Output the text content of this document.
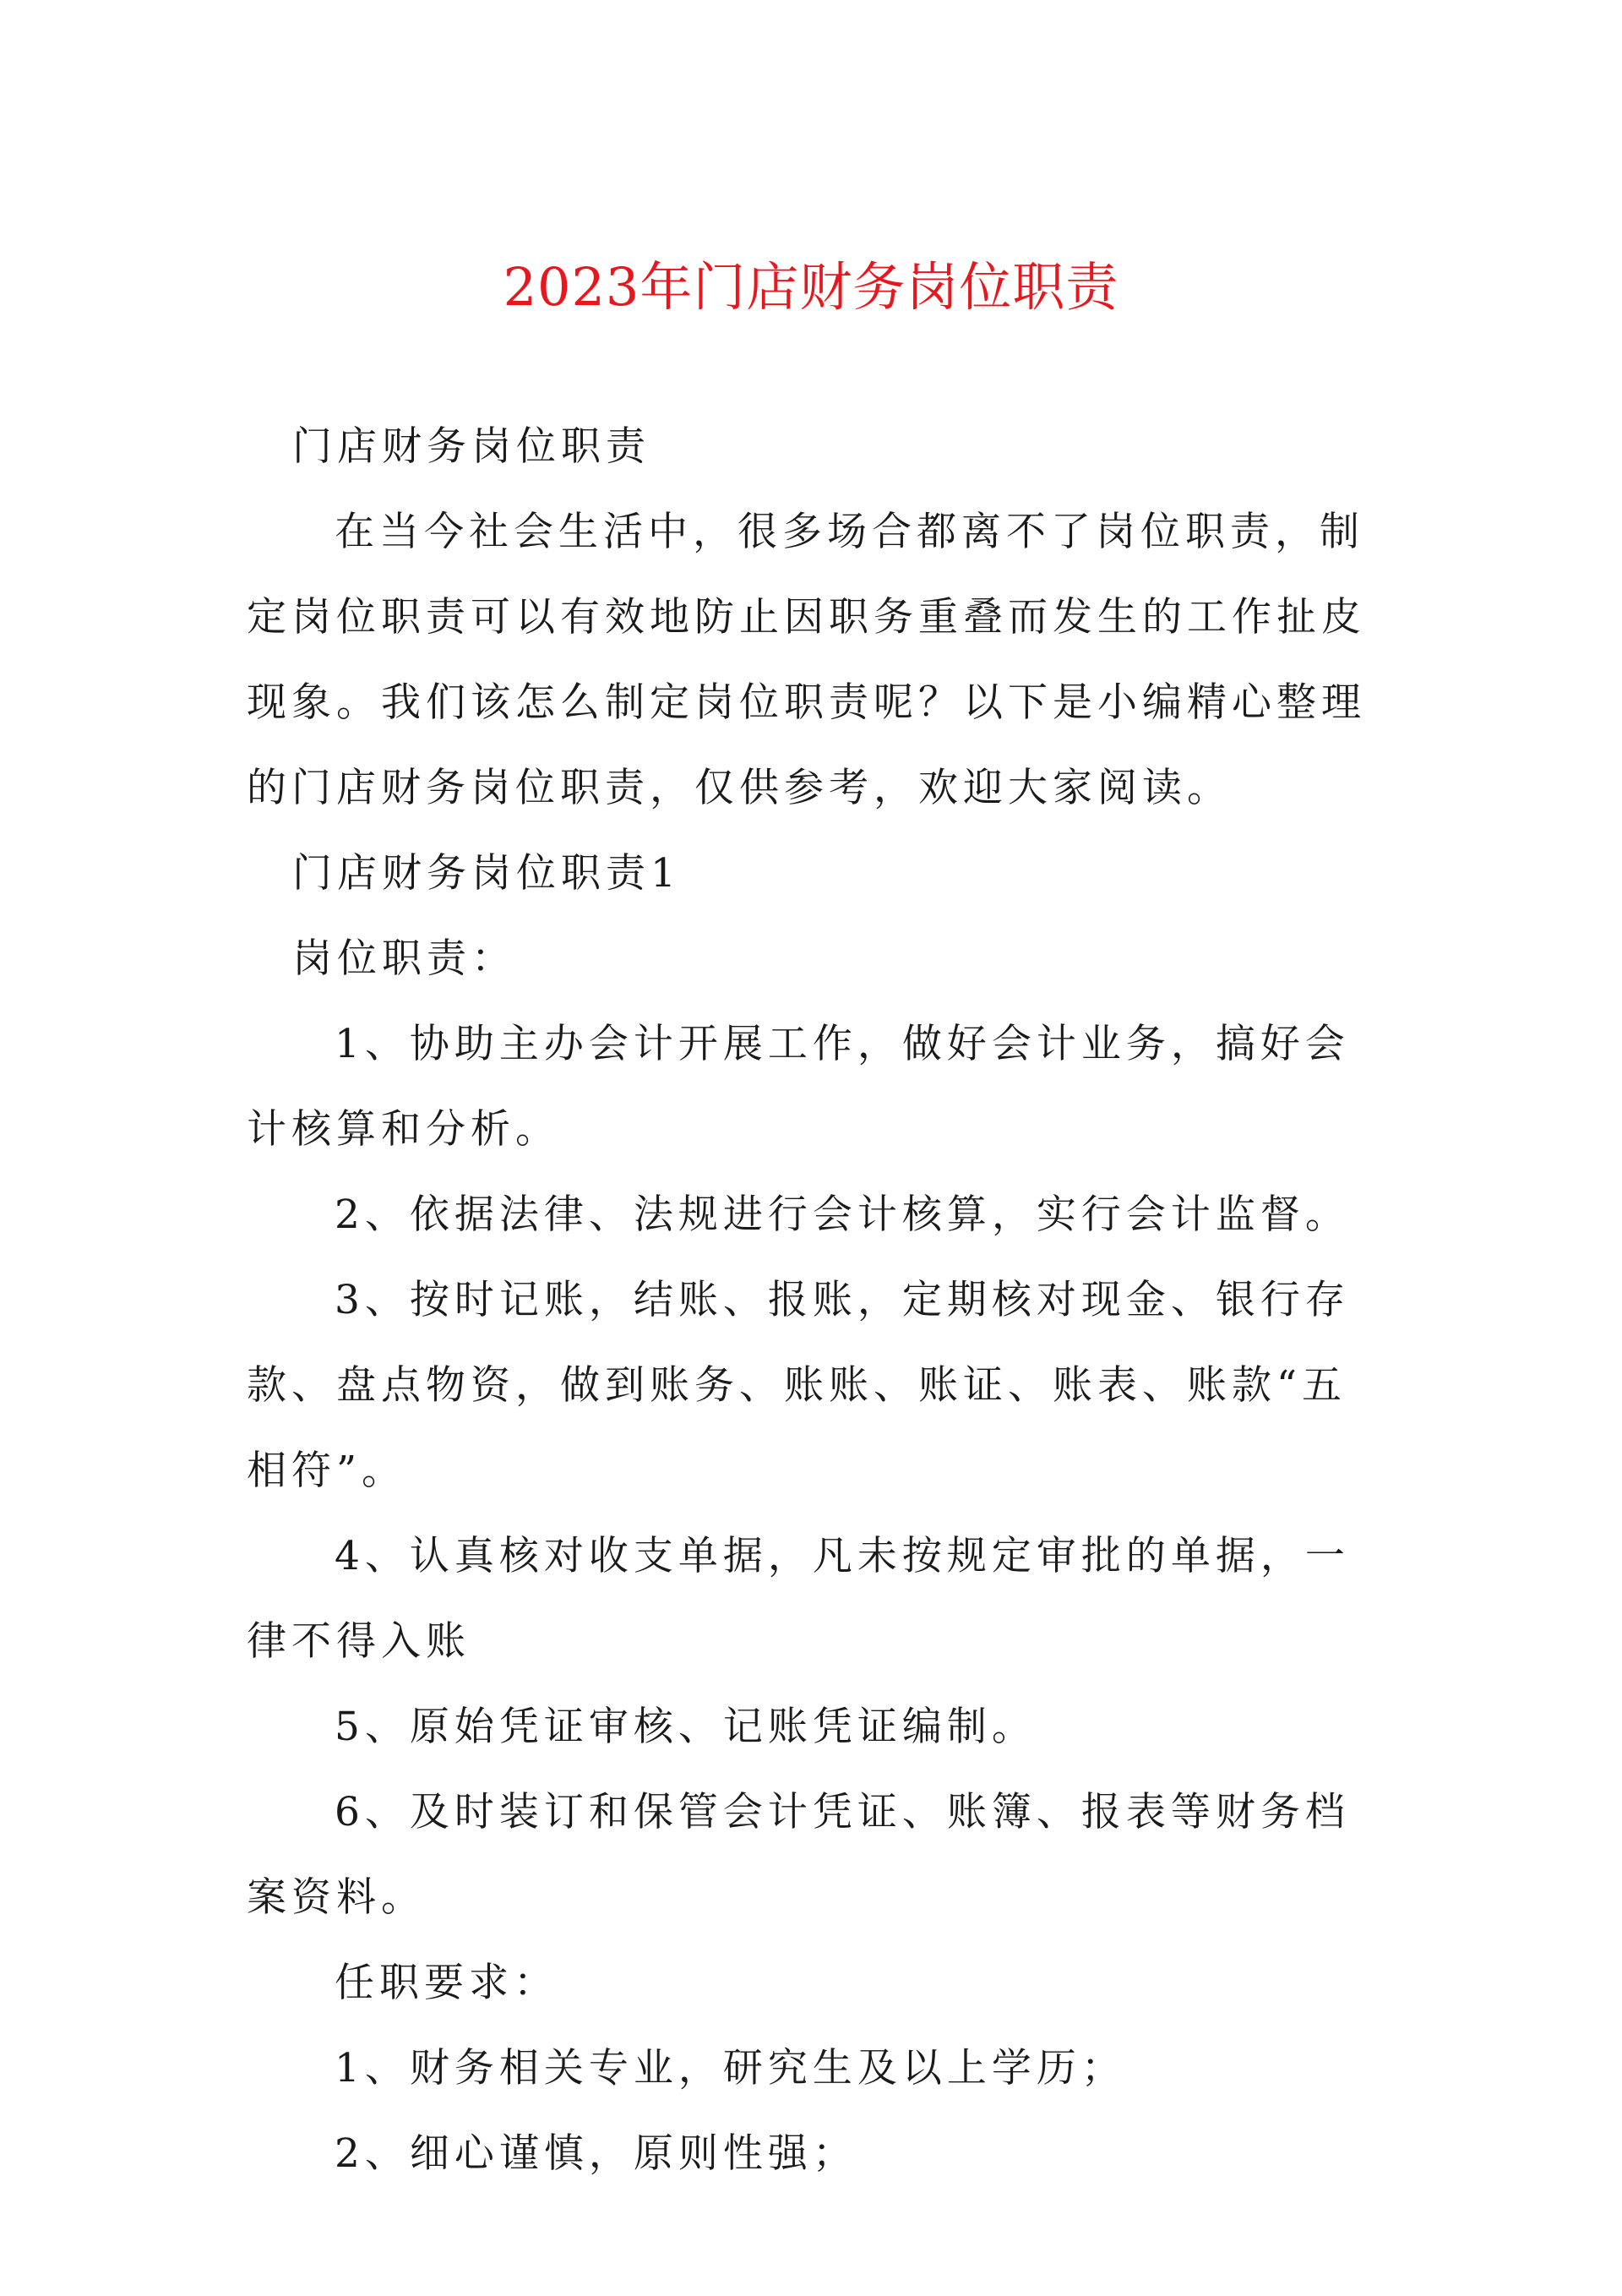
2023年门店财务岗位职责

门店财务岗位职责

在当今社会生活中，很多场合都离不了岗位职责，制定岗位职责可以有效地防止因职务重叠而发生的工作扯皮现象。我们该怎么制定岗位职责呢？以下是小编精心整理的门店财务岗位职责，仅供参考，欢迎大家阅读。

门店财务岗位职责1

岗位职责：

1、协助主办会计开展工作，做好会计业务，搞好会计核算和分析。

2、依据法律、法规进行会计核算，实行会计监督。

3、按时记账，结账、报账，定期核对现金、银行存款、盘点物资，做到账务、账账、账证、账表、账款“五相符”。

4、认真核对收支单据，凡未按规定审批的单据，一律不得入账

5、原始凭证审核、记账凭证编制。

6、及时装订和保管会计凭证、账簿、报表等财务档案资料。

任职要求：

1、财务相关专业，研究生及以上学历；

2、细心谨慎，原则性强；
